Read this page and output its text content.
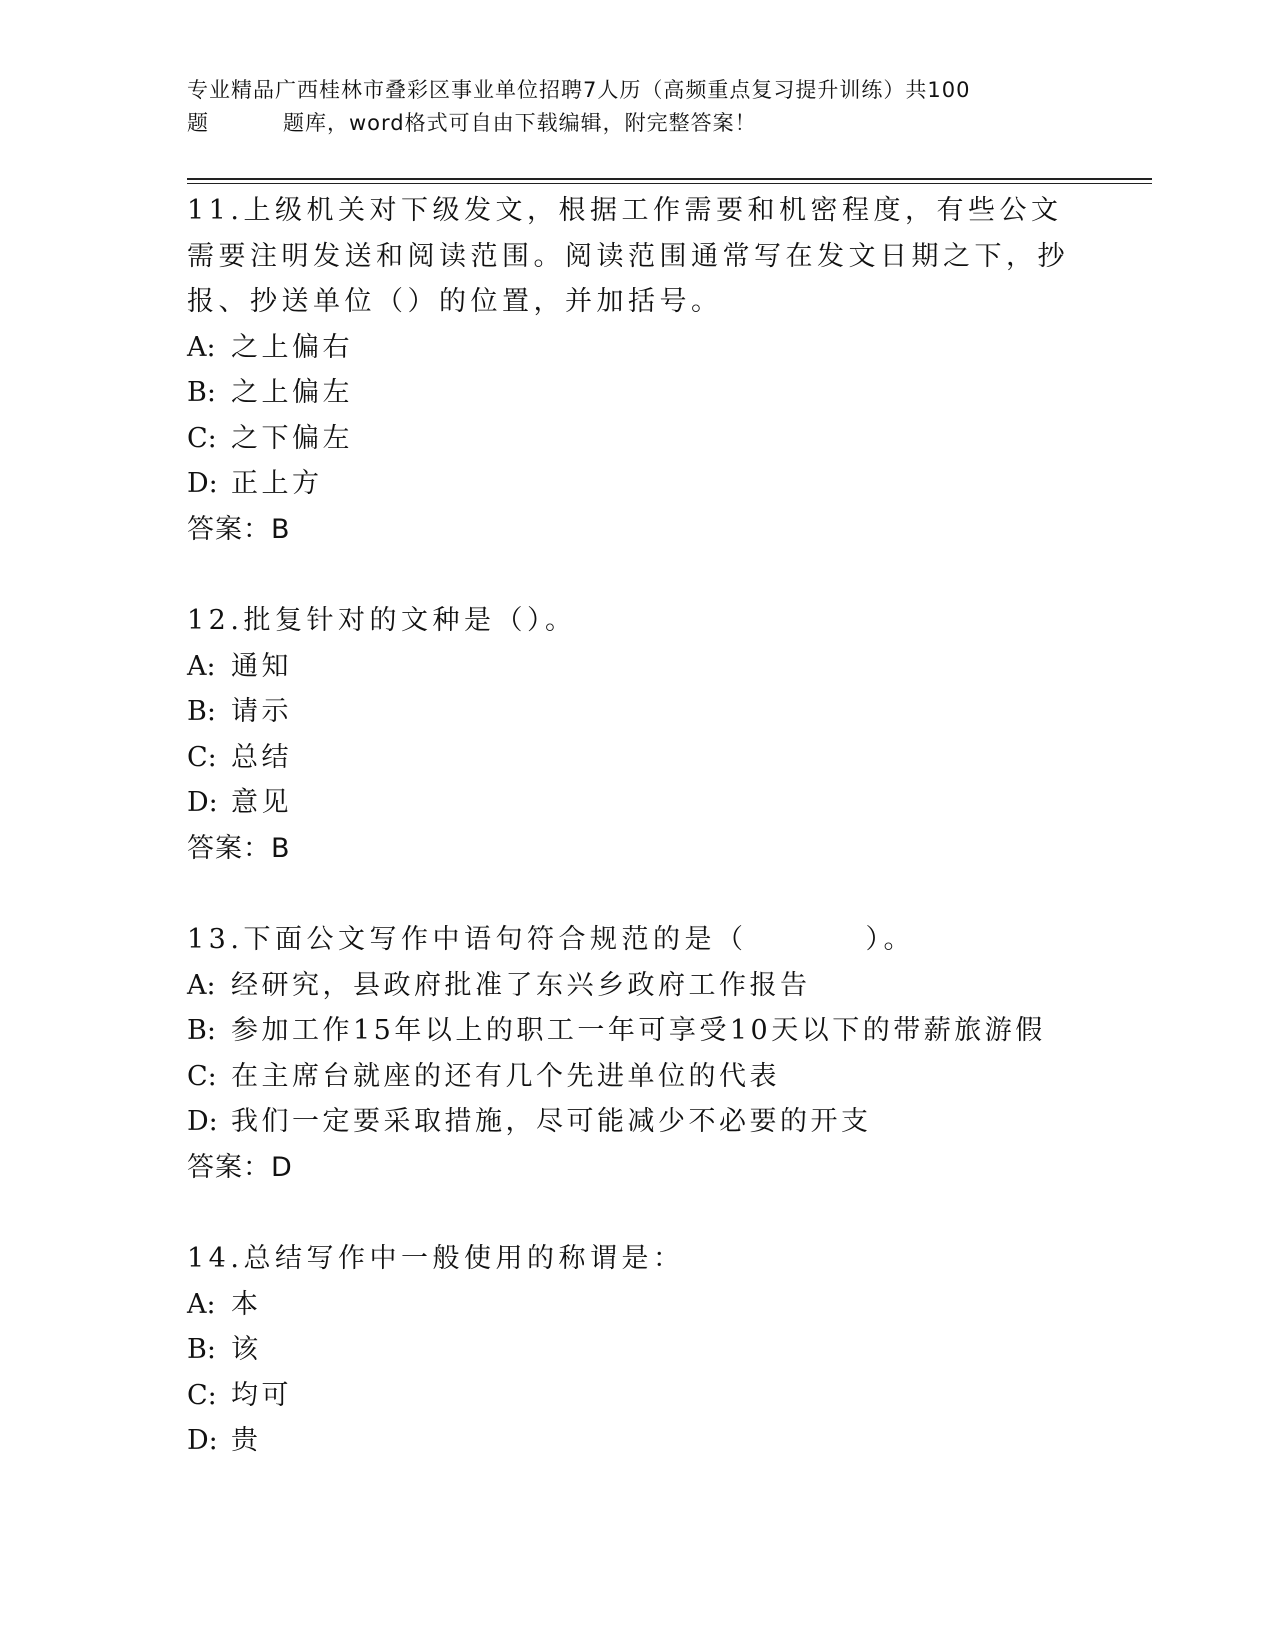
专业精品广西桂林市叠彩区事业单位招聘7人历（高频重点复习提升训练）共100
题	题库，word格式可自由下载编辑，附完整答案！
11.上级机关对下级发文，根据工作需要和机密程度，有些公文需要注明发送和阅读范围。阅读范围通常写在发文日期之下，抄报、抄送单位（）的位置，并加括号。
A: 之上偏右
B: 之上偏左
C: 之下偏左
D: 正上方
答案：B
12.批复针对的文种是（）。
A: 通知
B: 请示
C: 总结
D: 意见
答案：B
13.下面公文写作中语句符合规范的是（	）。
A: 经研究，县政府批准了东兴乡政府工作报告
B: 参加工作15年以上的职工一年可享受10天以下的带薪旅游假
C: 在主席台就座的还有几个先进单位的代表
D: 我们一定要采取措施，尽可能减少不必要的开支
答案：D
14.总结写作中一般使用的称谓是：
A: 本
B: 该
C: 均可
D: 贵
